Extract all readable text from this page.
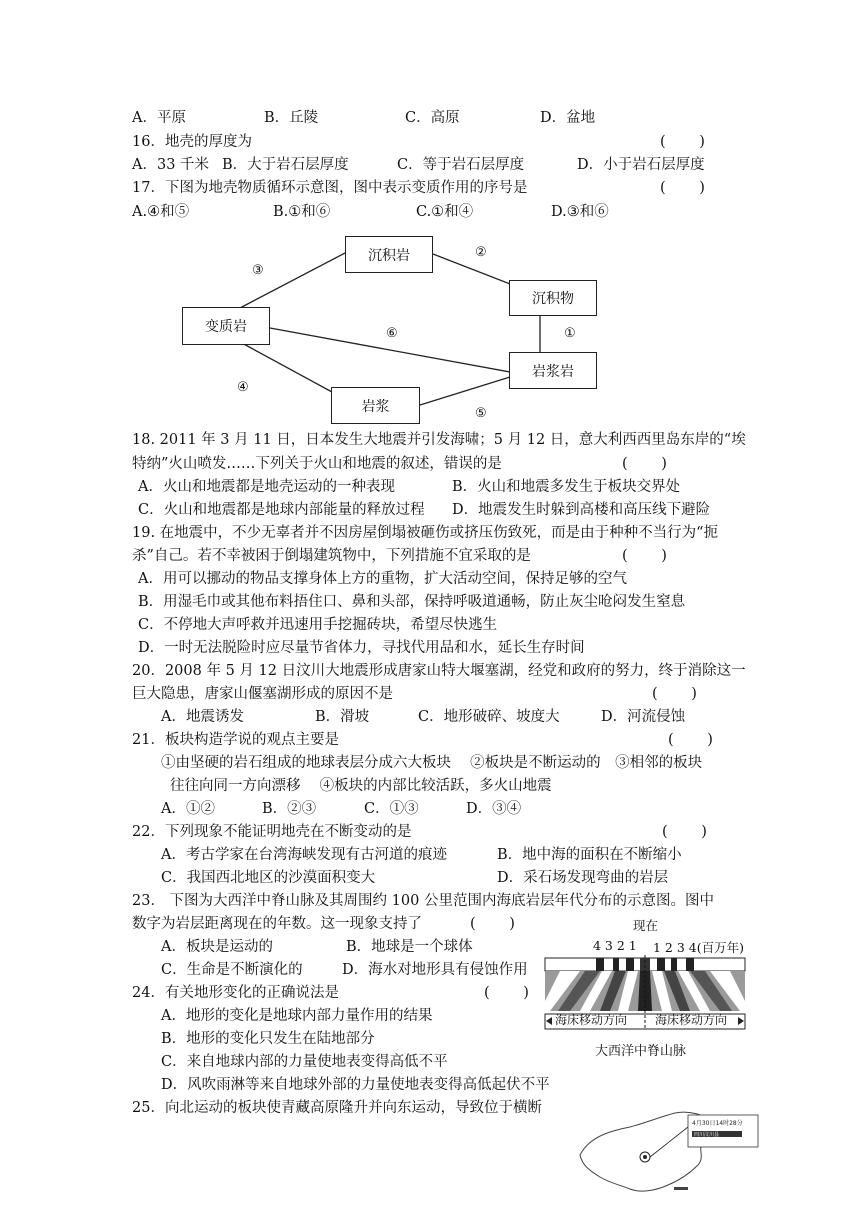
A．平原	B．丘陵	C．高原	D．盆地
16．地壳的厚度为	(　　 )
A．33 千米 B．大于岩石层厚度	C．等于岩石层厚度	D．小于岩石层厚度
17．下图为地壳物质循环示意图，图中表示变质作用的序号是	(　　 )
A.④和⑤	B.①和⑥	C.①和④	D.③和⑥
沉积岩
沉积物
变质岩
岩浆岩
岩浆
③
②
①
⑥
④
⑤
18. 2011 年 3 月 11 日，日本发生大地震并引发海啸；5 月 12 日，意大利西西里岛东岸的“埃
特纳”火山喷发……下列关于火山和地震的叙述，错误的是	(　　 )
A．火山和地震都是地壳运动的一种表现	B．火山和地震多发生于板块交界处
C．火山和地震都是地球内部能量的释放过程 D．地震发生时躲到高楼和高压线下避险
19. 在地震中，不少无辜者并不因房屋倒塌被砸伤或挤压伤致死，而是由于种种不当行为“扼
杀”自己。若不幸被困于倒塌建筑物中，下列措施不宜采取的是	(　　 )
A．用可以挪动的物品支撑身体上方的重物，扩大活动空间，保持足够的空气
B．用湿毛巾或其他布料捂住口、鼻和头部，保持呼吸道通畅，防止灰尘呛闷发生窒息
C．不停地大声呼救并迅速用手挖掘砖块，希望尽快逃生
D．一时无法脱险时应尽量节省体力，寻找代用品和水，延长生存时间
20．2008 年 5 月 12 日汶川大地震形成唐家山特大堰塞湖，经党和政府的努力，终于消除这一
巨大隐患，唐家山偃塞湖形成的原因不是	(　　 )
A．地震诱发	B．滑坡	C．地形破碎、坡度大	D．河流侵蚀
21．板块构造学说的观点主要是	(　　 )
①由坚硬的岩石组成的地球表层分成六大板块　 ②板块是不断运动的　③相邻的板块
往往向同一方向漂移　 ④板块的内部比较活跃，多火山地震
A．①②	B．②③	C．①③	D．③④
22．下列现象不能证明地壳在不断变动的是	(　　 )
A．考古学家在台湾海峡发现有古河道的痕迹	B．地中海的面积在不断缩小
C．我国西北地区的沙漠面积变大	D．采石场发现弯曲的岩层
23． 下图为大西洋中脊山脉及其周围约 100 公里范围内海底岩层年代分布的示意图。图中
数字为岩层距离现在的年数。这一现象支持了	(　　 )
A．板块是运动的	B．地球是一个球体
C．生命是不断演化的	D．海水对地形具有侵蚀作用
24．有关地形变化的正确说法是	(　　 )
A．地形的变化是地球内部力量作用的结果
B．地形的变化只发生在陆地部分
C．来自地球内部的力量使地表变得高低不平
D．风吹雨淋等来自地球外部的力量使地表变得高低起伏不平
25．向北运动的板块使青藏高原隆升并向东运动，导致位于横断
现在
4 3 2 1 1 2 3 4(百万年)
海床移动方向 海床移动方向
大西洋中脊山脉
4月30日14时28分
四川汶川县
